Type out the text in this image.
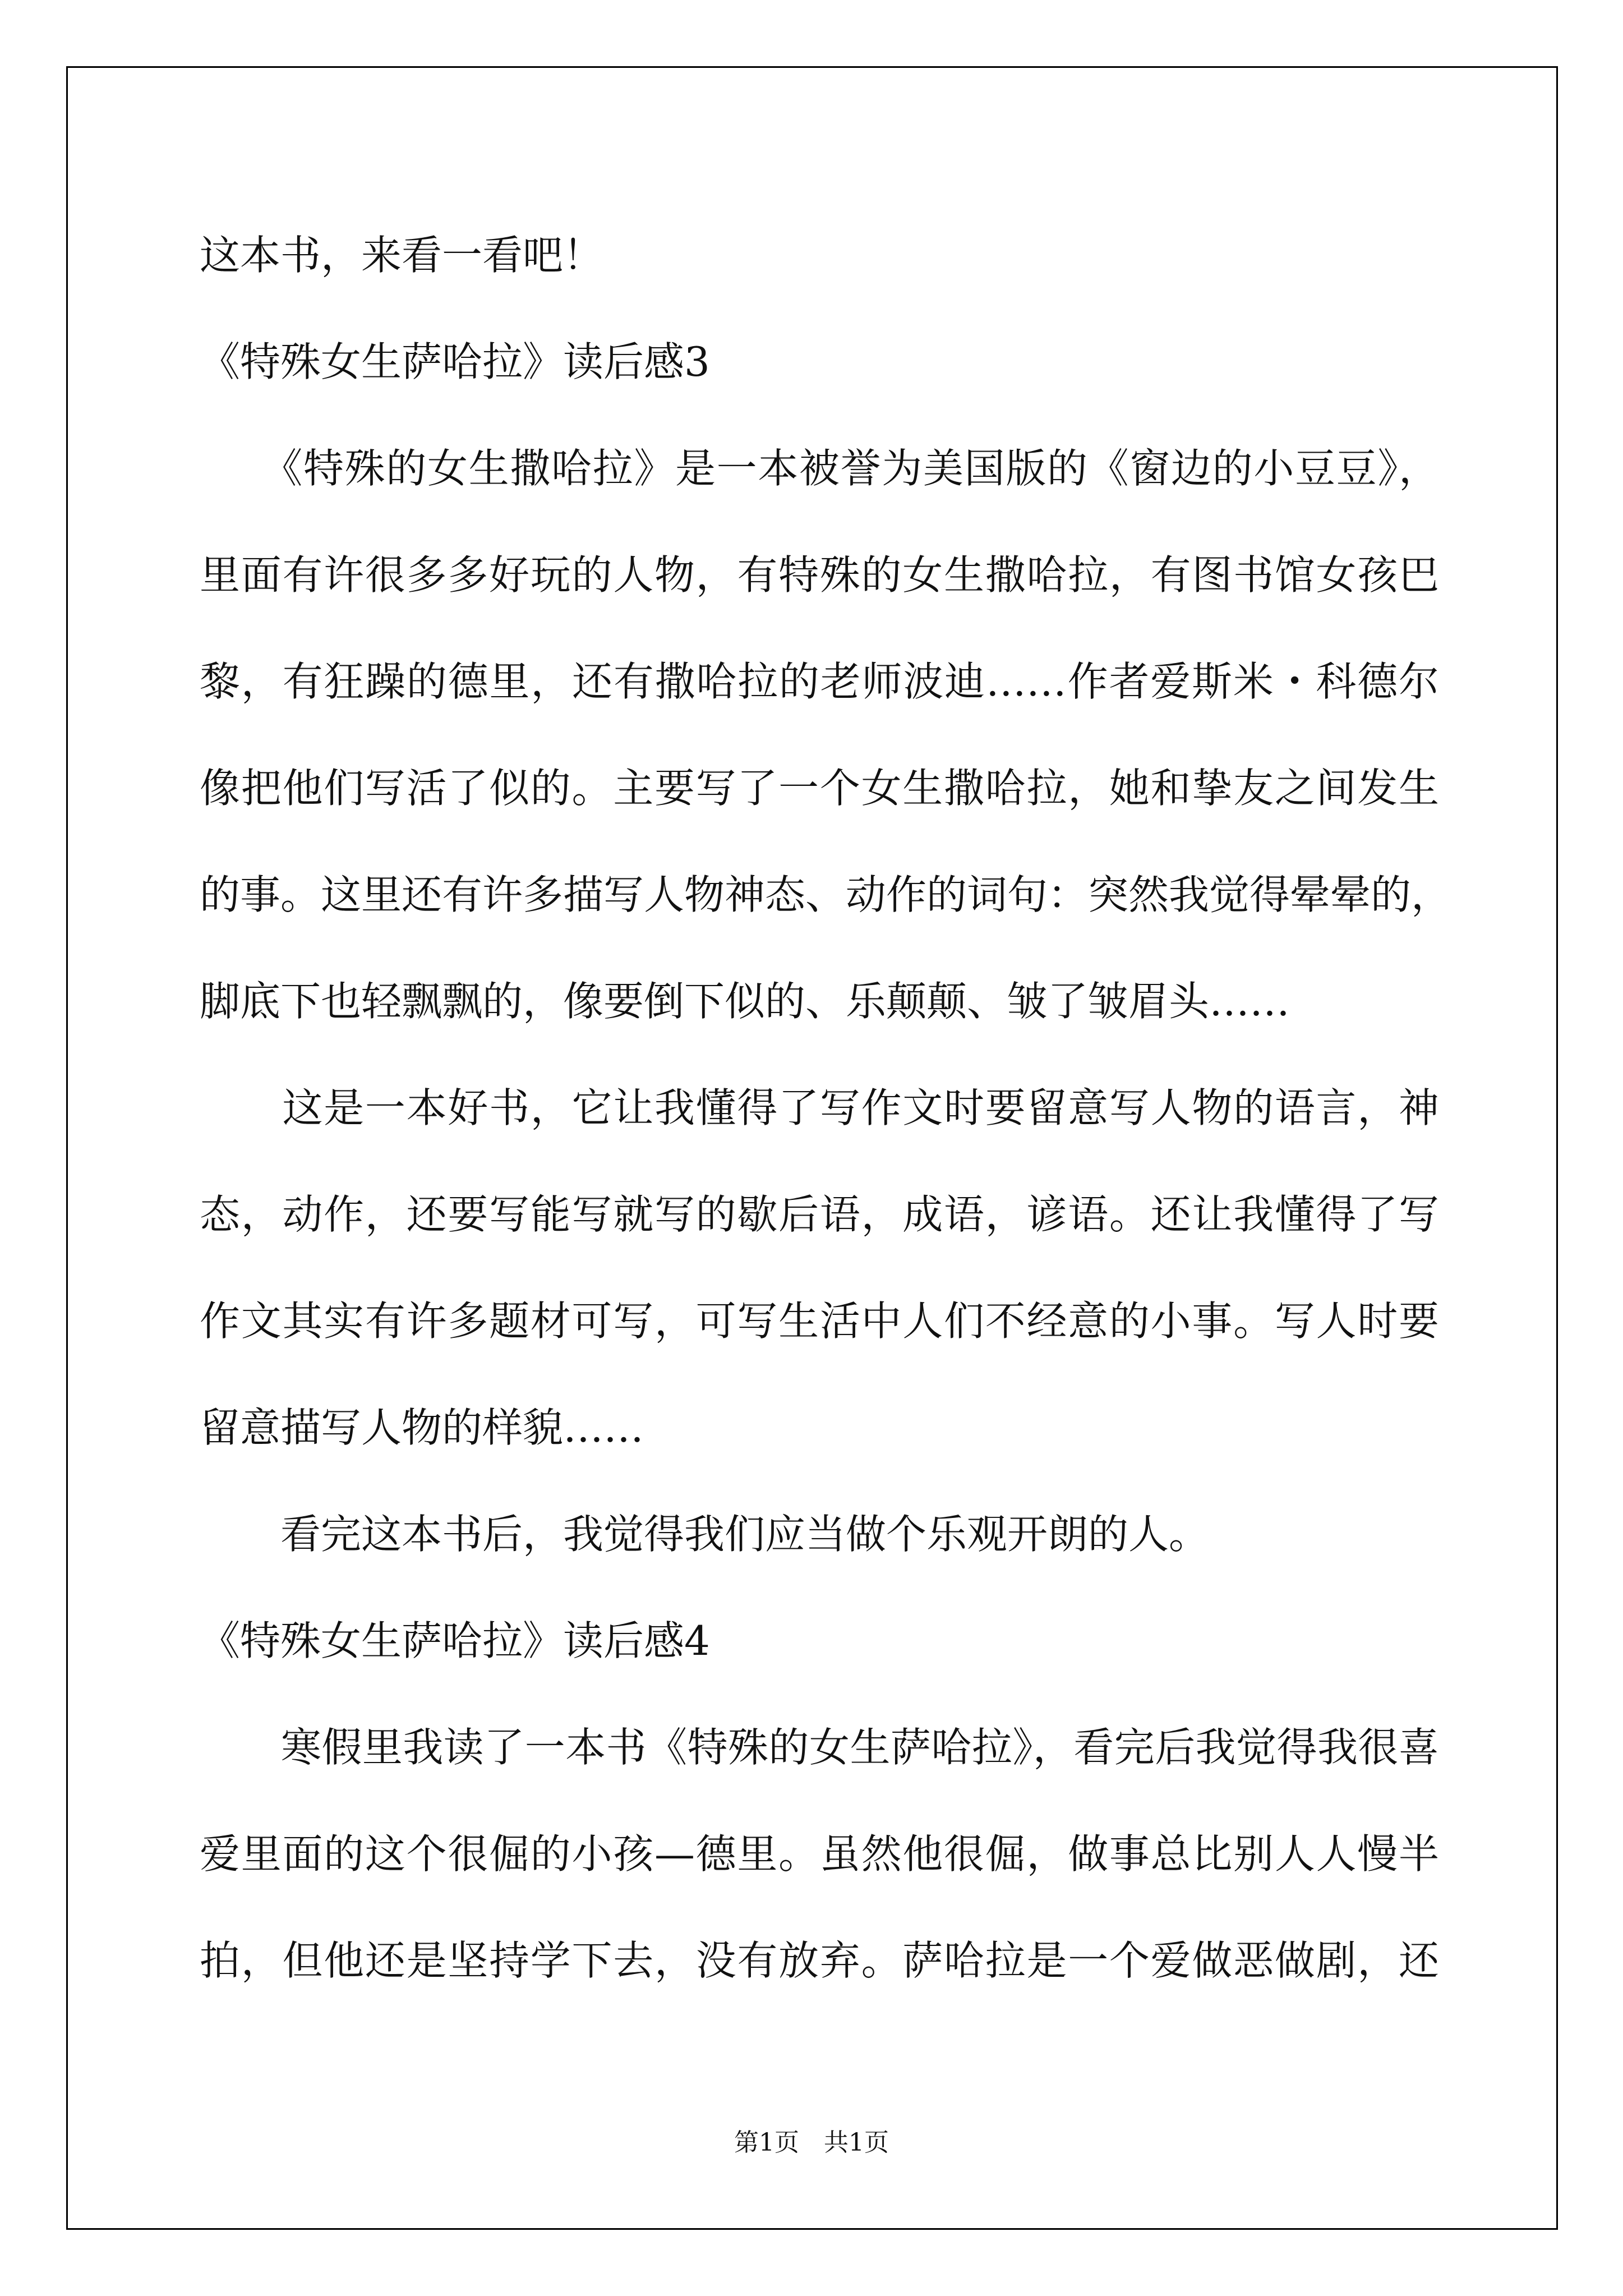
这本书，来看一看吧！
《特殊女生萨哈拉》读后感3
　　《特殊的女生撒哈拉》是一本被誉为美国版的《窗边的小豆豆》，
里面有许很多多好玩的人物，有特殊的女生撒哈拉，有图书馆女孩巴
黎，有狂躁的德里，还有撒哈拉的老师波迪……作者爱斯米・科德尔
像把他们写活了似的。主要写了一个女生撒哈拉，她和挚友之间发生
的事。这里还有许多描写人物神态、动作的词句：突然我觉得晕晕的，
脚底下也轻飘飘的，像要倒下似的、乐颠颠、皱了皱眉头……
　　这是一本好书，它让我懂得了写作文时要留意写人物的语言，神
态，动作，还要写能写就写的歇后语，成语，谚语。还让我懂得了写
作文其实有许多题材可写，可写生活中人们不经意的小事。写人时要
留意描写人物的样貌……
　　看完这本书后，我觉得我们应当做个乐观开朗的人。
《特殊女生萨哈拉》读后感4
　　寒假里我读了一本书《特殊的女生萨哈拉》，看完后我觉得我很喜
爱里面的这个很倔的小孩—德里。虽然他很倔，做事总比别人人慢半
拍，但他还是坚持学下去，没有放弃。萨哈拉是一个爱做恶做剧，还
第1页　共1页
